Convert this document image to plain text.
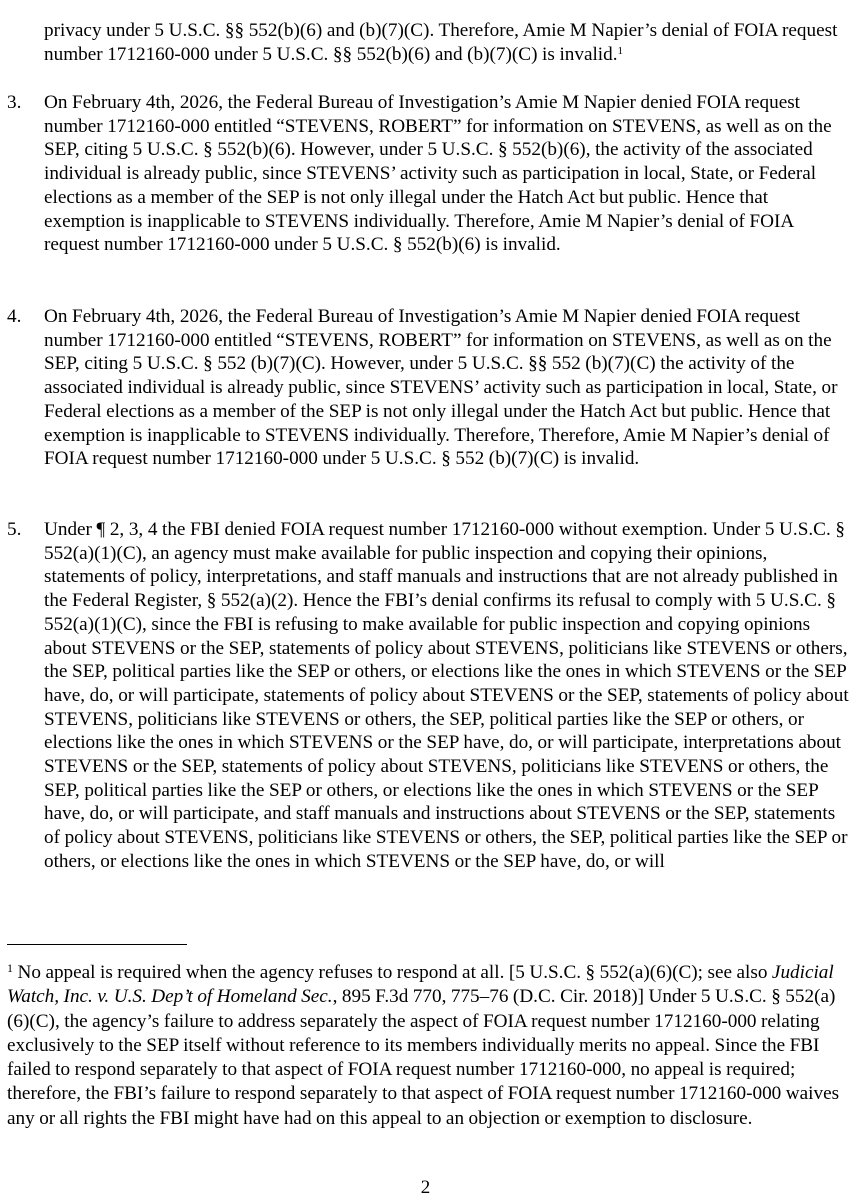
privacy under 5 U.S.C. §§ 552(b)(6) and (b)(7)(C). Therefore, Amie M Napier’s denial of FOIA request number 1712160-000 under 5 U.S.C. §§ 552(b)(6) and (b)(7)(C) is invalid.$^1$
3. On February 4th, 2026, the Federal Bureau of Investigation’s Amie M Napier denied FOIA request number 1712160-000 entitled “STEVENS, ROBERT” for information on STEVENS, as well as on the SEP, citing 5 U.S.C. § 552(b)(6). However, under 5 U.S.C. § 552(b)(6), the activity of the associated individual is already public, since STEVENS’ activity such as participation in local, State, or Federal elections as a member of the SEP is not only illegal under the Hatch Act but public. Hence that exemption is inapplicable to STEVENS individually. Therefore, Amie M Napier’s denial of FOIA request number 1712160-000 under 5 U.S.C. § 552(b)(6) is invalid.
4. On February 4th, 2026, the Federal Bureau of Investigation’s Amie M Napier denied FOIA request number 1712160-000 entitled “STEVENS, ROBERT” for information on STEVENS, as well as on the SEP, citing 5 U.S.C. § 552 (b)(7)(C). However, under 5 U.S.C. §§ 552 (b)(7)(C) the activity of the associated individual is already public, since STEVENS’ activity such as participation in local, State, or Federal elections as a member of the SEP is not only illegal under the Hatch Act but public. Hence that exemption is inapplicable to STEVENS individually. Therefore, Therefore, Amie M Napier’s denial of FOIA request number 1712160-000 under 5 U.S.C. § 552 (b)(7)(C) is invalid.
5. Under ¶ 2, 3, 4 the FBI denied FOIA request number 1712160-000 without exemption. Under 5 U.S.C. § 552(a)(1)(C), an agency must make available for public inspection and copying their opinions, statements of policy, interpretations, and staff manuals and instructions that are not already published in the Federal Register, § 552(a)(2). Hence the FBI’s denial confirms its refusal to comply with 5 U.S.C. § 552(a)(1)(C), since the FBI is refusing to make available for public inspection and copying opinions about STEVENS or the SEP, statements of policy about STEVENS, politicians like STEVENS or others, the SEP, political parties like the SEP or others, or elections like the ones in which STEVENS or the SEP have, do, or will participate, statements of policy about STEVENS or the SEP, statements of policy about STEVENS, politicians like STEVENS or others, the SEP, political parties like the SEP or others, or elections like the ones in which STEVENS or the SEP have, do, or will participate, interpretations about STEVENS or the SEP, statements of policy about STEVENS, politicians like STEVENS or others, the SEP, political parties like the SEP or others, or elections like the ones in which STEVENS or the SEP have, do, or will participate, and staff manuals and instructions about STEVENS or the SEP, statements of policy about STEVENS, politicians like STEVENS or others, the SEP, political parties like the SEP or others, or elections like the ones in which STEVENS or the SEP have, do, or will
$^1$ No appeal is required when the agency refuses to respond at all. [5 U.S.C. § 552(a)(6)(C); see also Judicial Watch, Inc. v. U.S. Dep’t of Homeland Sec., 895 F.3d 770, 775–76 (D.C. Cir. 2018)] Under 5 U.S.C. § 552(a)(6)(C), the agency’s failure to address separately the aspect of FOIA request number 1712160-000 relating exclusively to the SEP itself without reference to its members individually merits no appeal. Since the FBI failed to respond separately to that aspect of FOIA request number 1712160-000, no appeal is required; therefore, the FBI’s failure to respond separately to that aspect of FOIA request number 1712160-000 waives any or all rights the FBI might have had on this appeal to an objection or exemption to disclosure.
2
